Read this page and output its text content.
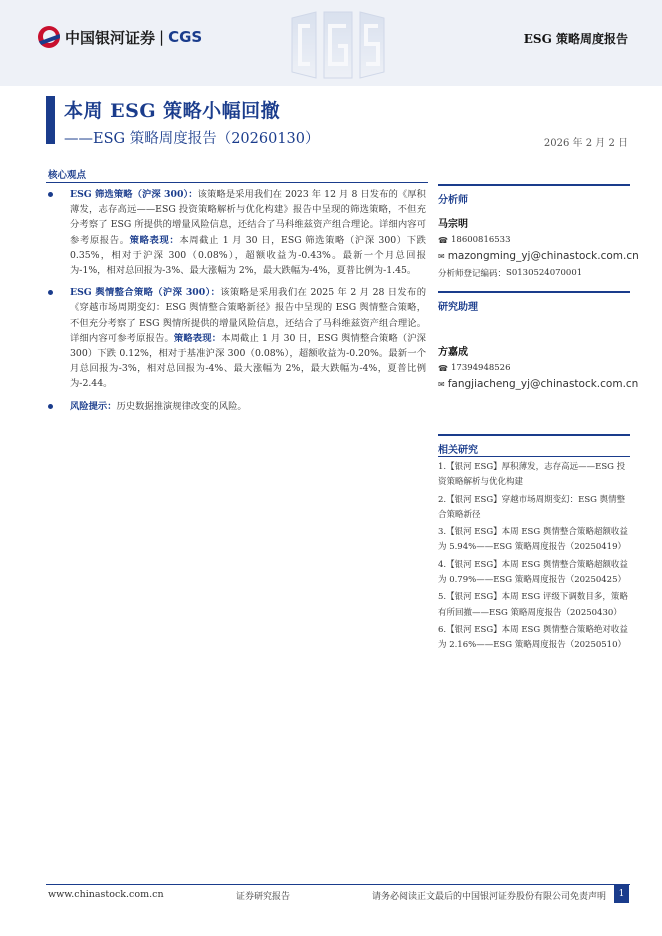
中国银河证券 | CGS	ESG 策略周度报告
本周 ESG 策略小幅回撤
——ESG 策略周度报告（20260130）	2026 年 2 月 2 日
核心观点
ESG 筛选策略（沪深 300）：该策略是采用我们在 2023 年 12 月 8 日发布的《厚积薄发，志存高远——ESG 投资策略解析与优化构建》报告中呈现的筛选策略，不但充分考察了 ESG 所提供的增量风险信息，还结合了马科维兹资产组合理论。详细内容可参考原报告。策略表现：本周截止 1 月 30 日，ESG 筛选策略（沪深 300）下跌 0.35%，相对于沪深 300（0.08%），超额收益为-0.43%。最新一个月总回报为-1%，相对总回报为-3%、最大涨幅为 2%，最大跌幅为-4%，夏普比例为-1.45。
ESG 舆情整合策略（沪深 300）：该策略是采用我们在 2025 年 2 月 28 日发布的《穿越市场周期变幻：ESG 舆情整合策略新径》报告中呈现的 ESG 舆情整合策略，不但充分考察了 ESG 舆情所提供的增量风险信息，还结合了马科维兹资产组合理论。详细内容可参考原报告。策略表现：本周截止 1 月 30 日，ESG 舆情整合策略（沪深 300）下跌 0.12%，相对于基准沪深 300（0.08%），超额收益为-0.20%。最新一个月总回报为-3%，相对总回报为-4%、最大涨幅为 2%，最大跌幅为-4%，夏普比例为-2.44。
风险提示：历史数据推演规律改变的风险。
分析师
马宗明
☎ 18600816533
✉ mazongming_yj@chinastock.com.cn
分析师登记编码： S0130524070001
研究助理
方嘉成
☎ 17394948526
✉ fangjiacheng_yj@chinastock.com.cn
相关研究
1.【银河 ESG】厚积薄发，志存高远——ESG 投资策略解析与优化构建
2.【银河 ESG】穿越市场周期变幻：ESG 舆情整合策略新径
3.【银河 ESG】本周 ESG 舆情整合策略超额收益为 5.94%——ESG 策略周度报告（20250419）
4.【银河 ESG】本周 ESG 舆情整合策略超额收益为 0.79%——ESG 策略周度报告（20250425）
5.【银河 ESG】本周 ESG 评级下调数目多，策略有所回撤——ESG 策略周度报告（20250430）
6.【银河 ESG】本周 ESG 舆情整合策略绝对收益为 2.16%——ESG 策略周度报告（20250510）
www.chinastock.com.cn	证券研究报告	请务必阅读正文最后的中国银河证券股份有限公司免责声明	1
